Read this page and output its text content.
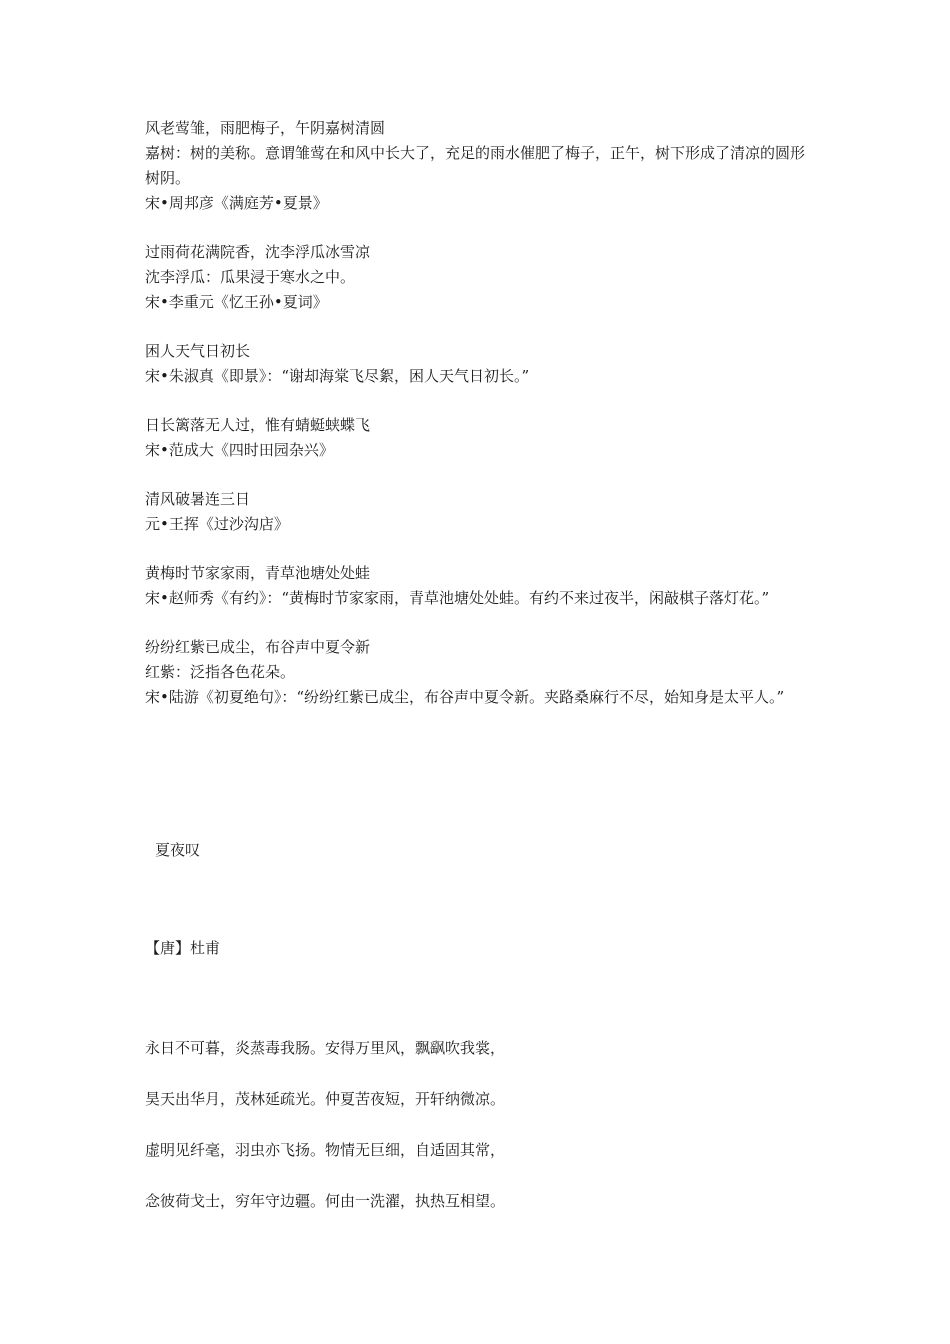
风老莺雏，雨肥梅子，午阴嘉树清圆

嘉树：树的美称。意谓雏莺在和风中长大了，充足的雨水催肥了梅子，正午，树下形成了清凉的圆形树阴。

宋•周邦彦《满庭芳•夏景》

过雨荷花满院香，沈李浮瓜冰雪凉

沈李浮瓜：瓜果浸于寒水之中。

宋•李重元《忆王孙•夏词》

困人天气日初长

宋•朱淑真《即景》：“谢却海棠飞尽絮，困人天气日初长。”

日长篱落无人过，惟有蜻蜓蛱蝶飞

宋•范成大《四时田园杂兴》

清风破暑连三日

元•王挥《过沙沟店》

黄梅时节家家雨，青草池塘处处蛙

宋•赵师秀《有约》：“黄梅时节家家雨，青草池塘处处蛙。有约不来过夜半，闲敲棋子落灯花。”

纷纷红紫已成尘，布谷声中夏令新

红紫：泛指各色花朵。

宋•陆游《初夏绝句》：“纷纷红紫已成尘，布谷声中夏令新。夹路桑麻行不尽，始知身是太平人。”

夏夜叹

【唐】杜甫

永日不可暮，炎蒸毒我肠。安得万里风，飘飖吹我裳，

昊天出华月，茂林延疏光。仲夏苦夜短，开轩纳微凉。

虚明见纤毫，羽虫亦飞扬。物情无巨细，自适固其常，

念彼荷戈士，穷年守边疆。何由一洗濯，执热互相望。
